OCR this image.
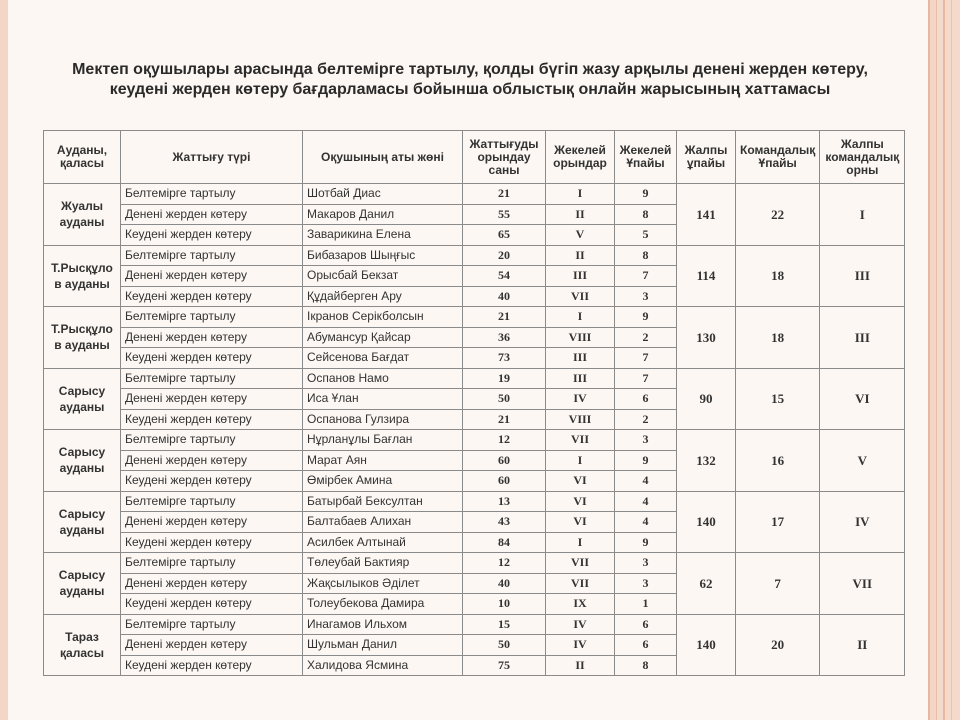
Мектеп оқушылары арасында белтемірге тартылу, қолды бүгіп жазу арқылы денені жерден көтеру,
кеудені жерден көтеру бағдарламасы бойынша облыстық онлайн жарысының хаттамасы
Ауданы, қаласы	Жаттығу түрі	Оқушының аты жөні	Жаттығуды орындау саны	Жекелей орындар	Жекелей Ұпайы	Жалпы ұпайы	Командалық Ұпайы	Жалпы командалық орны
Жуалы ауданы	Белтемірге тартылу	Шотбай Диас	21	I	9	141	22	I
	Денені жерден көтеру	Макаров Данил	55	II	8			
	Кеудені жерден көтеру	Заварикина Елена	65	V	5			
Т.Рысқұло в ауданы	Белтемірге тартылу	Бибазаров Шыңғыс	20	II	8	114	18	III
	Денені жерден көтеру	Орысбай Бекзат	54	III	7			
	Кеудені жерден көтеру	Құдайберген Ару	40	VII	3			
Т.Рысқұло в ауданы	Белтемірге тартылу	Ікранов Серікболсын	21	I	9	130	18	III
	Денені жерден көтеру	Абумансур Қайсар	36	VIII	2			
	Кеудені жерден көтеру	Сейсенова Бағдат	73	III	7			
Сарысу ауданы	Белтемірге тартылу	Оспанов Намо	19	III	7	90	15	VI
	Денені жерден көтеру	Иса Ұлан	50	IV	6			
	Кеудені жерден көтеру	Оспанова Гулзира	21	VIII	2			
Сарысу ауданы	Белтемірге тартылу	Нұрланұлы Бағлан	12	VII	3	132	16	V
	Денені жерден көтеру	Марат Аян	60	I	9			
	Кеудені жерден көтеру	Өмірбек Амина	60	VI	4			
Сарысу ауданы	Белтемірге тартылу	Батырбай Бексултан	13	VI	4	140	17	IV
	Денені жерден көтеру	Балтабаев Алихан	43	VI	4			
	Кеудені жерден көтеру	Асилбек Алтынай	84	I	9			
Сарысу ауданы	Белтемірге тартылу	Төлеубай Бактияр	12	VII	3	62	7	VII
	Денені жерден көтеру	Жақсылыков Әділет	40	VII	3			
	Кеудені жерден көтеру	Толеубекова Дамира	10	IX	1			
Тараз қаласы	Белтемірге тартылу	Инагамов Ильхом	15	IV	6	140	20	II
	Денені жерден көтеру	Шульман Данил	50	IV	6			
	Кеудені жерден көтеру	Халидова Ясмина	75	II	8			
